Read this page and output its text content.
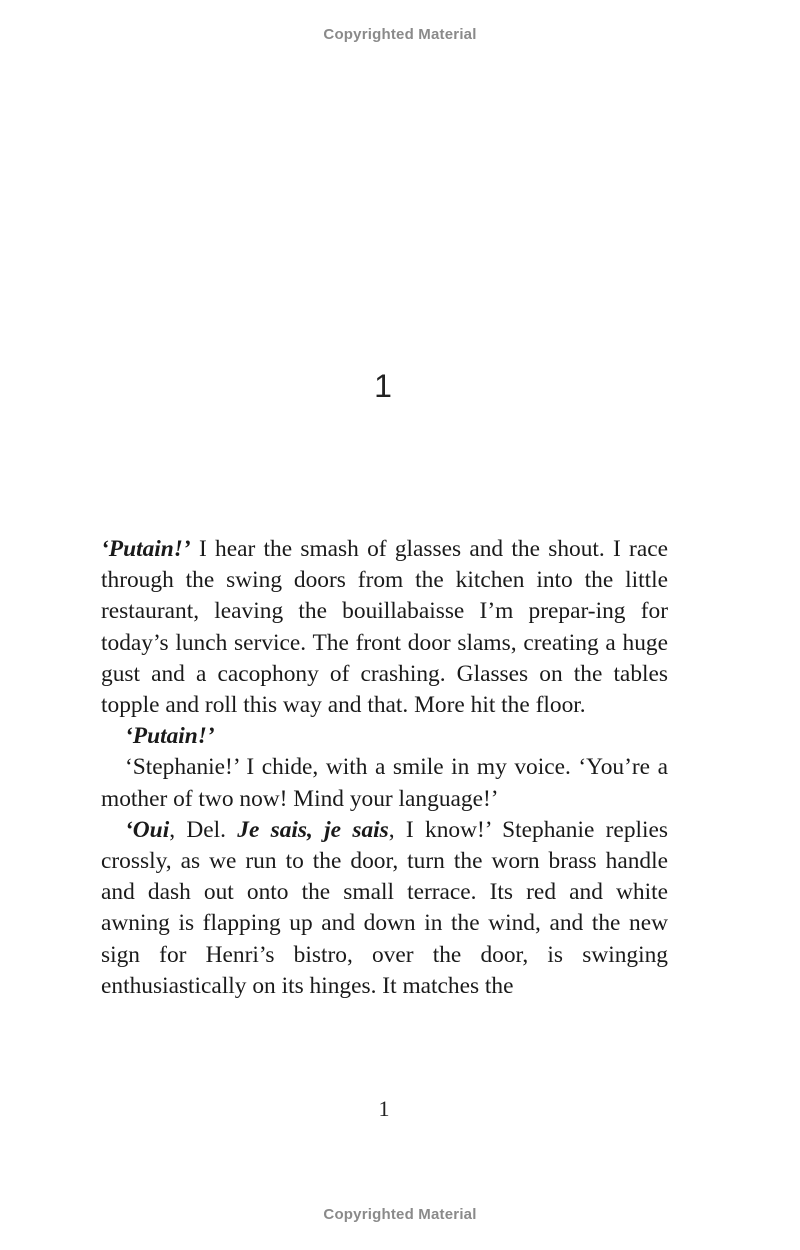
Copyrighted Material
1

‘Putain!’ I hear the smash of glasses and the shout. I race through the swing doors from the kitchen into the little restaurant, leaving the bouillabaisse I’m prepar-ing for today’s lunch service. The front door slams, creating a huge gust and a cacophony of crashing. Glasses on the tables topple and roll this way and that. More hit the floor.

‘Putain!’

‘Stephanie!’ I chide, with a smile in my voice. ‘You’re a mother of two now! Mind your language!’

‘Oui, Del. Je sais, je sais, I know!’ Stephanie replies crossly, as we run to the door, turn the worn brass handle and dash out onto the small terrace. Its red and white awning is flapping up and down in the wind, and the new sign for Henri’s bistro, over the door, is swinging enthusiastically on its hinges. It matches the

1
Copyrighted Material
